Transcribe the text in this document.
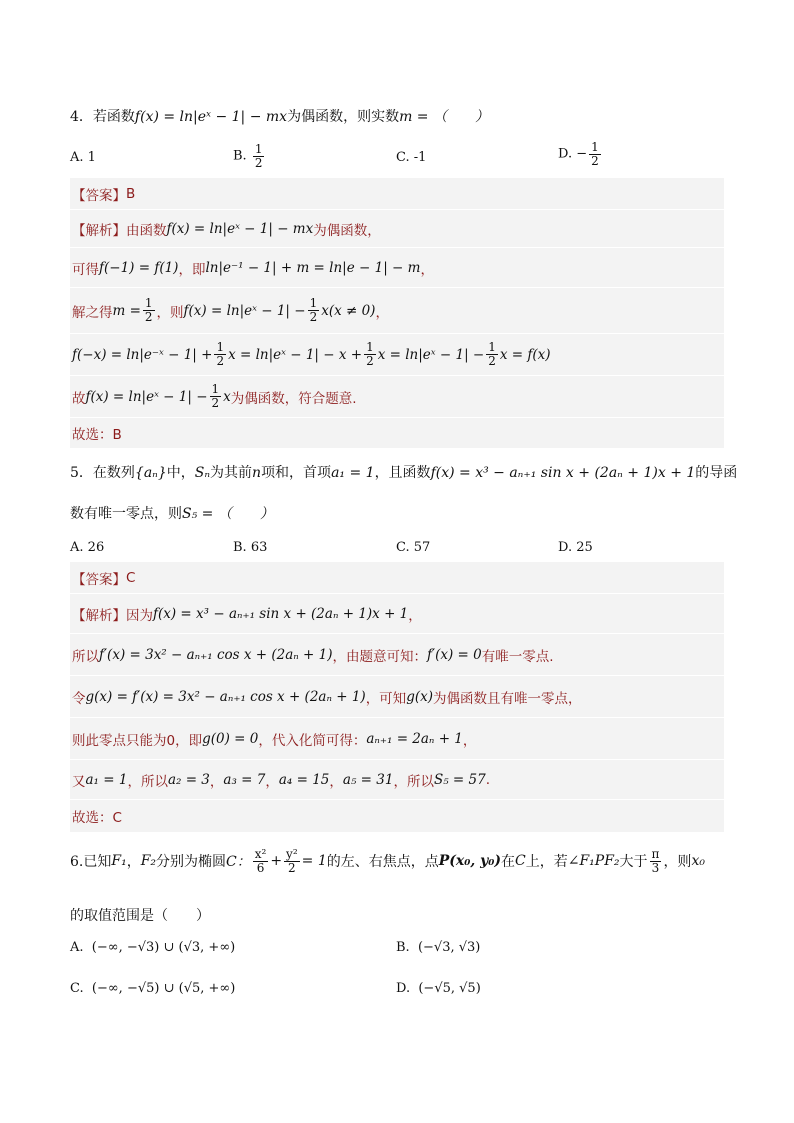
4．若函数f(x) = ln|eˣ − 1| − mx为偶函数，则实数m = （　　）
A. 1	B. $\frac{1}{2}$	C. -1	D. − $\frac{1}{2}$
【答案】 B
【解析】 由函数 f(x) = ln|eˣ − 1| − mx 为偶函数，
可得 f(−1) = f(1) ，即 ln|e⁻¹ − 1| + m = ln|e − 1| − m ，
解之得 $m = \frac{1}{2}$ ，则 f(x) = ln|eˣ − $1| - \frac{1}{2} x(x \ne 0)$ ，
f(−x) = ln|e⁻ˣ − $1| + \frac{1}{2}$ x = ln|eˣ − $1| - x + \frac{1}{2}$ x = ln|eˣ − $1| - \frac{1}{2}$ x = f(x)
故 f(x) = ln|eˣ − $1| - \frac{1}{2}$ x 为偶函数，符合题意.
故选：B
5．在数列{aₙ}中，Sₙ为其前n项和，首项a₁ = 1，且函数f(x) = x³ − aₙ₊₁ sin x + (2aₙ + 1)x + 1的导函
数有唯一零点，则S₅ = （　　）
A. 26	B. 63	C. 57	D. 25
【答案】 C
【解析】 因为 f(x) = x³ − aₙ₊₁ sin x + (2aₙ + 1)x + 1 ，
所以 f′(x) = 3x² − aₙ₊₁ cos x + (2aₙ + 1) ，由题意可知： f′(x) = 0 有唯一零点.
令 g(x) = f′(x) = 3x² − aₙ₊₁ cos x + (2aₙ + 1) ，可知 g(x) 为偶函数且有唯一零点，
则此零点只能为0，即 g(0) = 0 ，代入化简可得： aₙ₊₁ = 2aₙ + 1 ，
又 a₁ = 1 ，所以 a₂ = 3 ， a₃ = 7 ， a₄ = 15 ， a₅ = 31 ，所以 S₅ = 57 .
故选：C
6.已知 F₁ ， F₂ 分别为椭圆 C： $\frac{\text{x²}}{6} + \frac{\text{y²}}{2} = 1$ 的左、右焦点，点 P(x₀, y₀) 在 C 上，若 ∠F₁PF₂ 大于 $\frac{\pi}{3}$ ，则 x₀
的取值范围是（　　）
A. (−∞, −√3) ∪ (√3, +∞)	B. (−√3, √3)
C. (−∞, −√5) ∪ (√5, +∞)	D. (−√5, √5)
